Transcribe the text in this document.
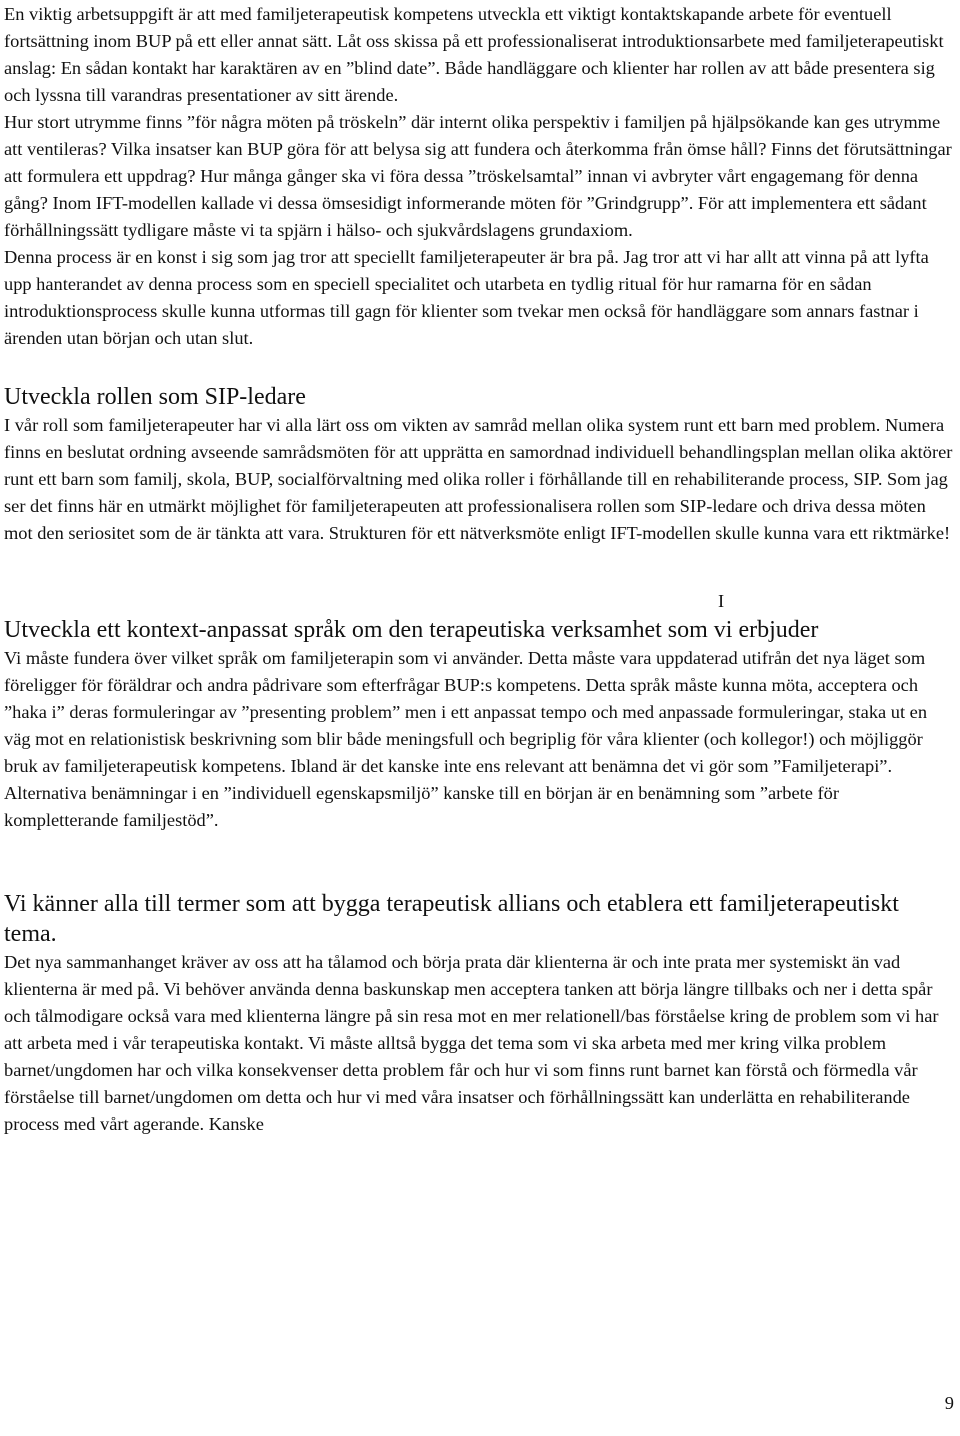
En viktig arbetsuppgift är att med familjeterapeutisk kompetens utveckla ett viktigt kontaktskapande arbete för eventuell fortsättning inom BUP på ett eller annat sätt. Låt oss skissa på ett professionaliserat introduktionsarbete med familjeterapeutiskt anslag: En sådan kontakt har karaktären av en ”blind date”. Både handläggare och klienter har rollen av att både presentera sig och lyssna till varandras presentationer av sitt ärende.

Hur stort utrymme finns ”för några möten på tröskeln” där internt olika perspektiv i familjen på hjälpsökande kan ges utrymme att ventileras? Vilka insatser kan BUP göra för att belysa sig att fundera och återkomma från ömse håll? Finns det förutsättningar att formulera ett uppdrag? Hur många gånger ska vi föra dessa ”tröskelsamtal” innan vi avbryter vårt engagemang för denna gång? Inom IFT-modellen kallade vi dessa ömsesidigt informerande möten för ”Grindgrupp”. För att implementera ett sådant förhållningssätt tydligare måste vi ta spjärn i hälso- och sjukvårdslagens grundaxiom.

Denna process är en konst i sig som jag tror att speciellt familjeterapeuter är bra på. Jag tror att vi har allt att vinna på att lyfta upp hanterandet av denna process som en speciell specialitet och utarbeta en tydlig ritual för hur ramarna för en sådan introduktionsprocess skulle kunna utformas till gagn för klienter som tvekar men också för handläggare som annars fastnar i ärenden utan början och utan slut.

Utveckla rollen som SIP-ledare

I vår roll som familjeterapeuter har vi alla lärt oss om vikten av samråd mellan olika system runt ett barn med problem. Numera finns en beslutat ordning avseende samrådsmöten för att upprätta en samordnad individuell behandlingsplan mellan olika aktörer runt ett barn som familj, skola, BUP, socialförvaltning med olika roller i förhållande till en rehabiliterande process, SIP. Som jag ser det finns här en utmärkt möjlighet för familjeterapeuten att professionalisera rollen som SIP-ledare och driva dessa möten mot den seriositet som de är tänkta att vara. Strukturen för ett nätverksmöte enligt IFT-modellen skulle kunna vara ett riktmärke!

I
Utveckla ett kontext-anpassat språk om den terapeutiska verksamhet som vi erbjuder

Vi måste fundera över vilket språk om familjeterapin som vi använder. Detta måste vara uppdaterad utifrån det nya läget som föreligger för föräldrar och andra pådrivare som efterfrågar BUP:s kompetens. Detta språk måste kunna möta, acceptera och ”haka i” deras formuleringar av ”presenting problem” men i ett anpassat tempo och med anpassade formuleringar, staka ut en väg mot en relationistisk beskrivning som blir både meningsfull och begriplig för våra klienter (och kollegor!) och möjliggör bruk av familjeterapeutisk kompetens. Ibland är det kanske inte ens relevant att benämna det vi gör som ”Familjeterapi”. Alternativa benämningar i en ”individuell egenskapsmiljö” kanske till en början är en benämning som ”arbete för kompletterande familjestöd”.

Vi känner alla till termer som att bygga terapeutisk allians och etablera ett familjeterapeutiskt tema.

Det nya sammanhanget kräver av oss att ha tålamod och börja prata där klienterna är och inte prata mer systemiskt än vad klienterna är med på. Vi behöver använda denna baskunskap men acceptera tanken att börja längre tillbaks och ner i detta spår och tålmodigare också vara med klienterna längre på sin resa mot en mer relationell/bas förståelse kring de problem som vi har att arbeta med i vår terapeutiska kontakt. Vi måste alltså bygga det tema som vi ska arbeta med mer kring vilka problem barnet/ungdomen har och vilka konsekvenser detta problem får och hur vi som finns runt barnet kan förstå och förmedla vår förståelse till barnet/ungdomen om detta och hur vi med våra insatser och förhållningssätt kan underlätta en rehabiliterande process med vårt agerande. Kanske

9
